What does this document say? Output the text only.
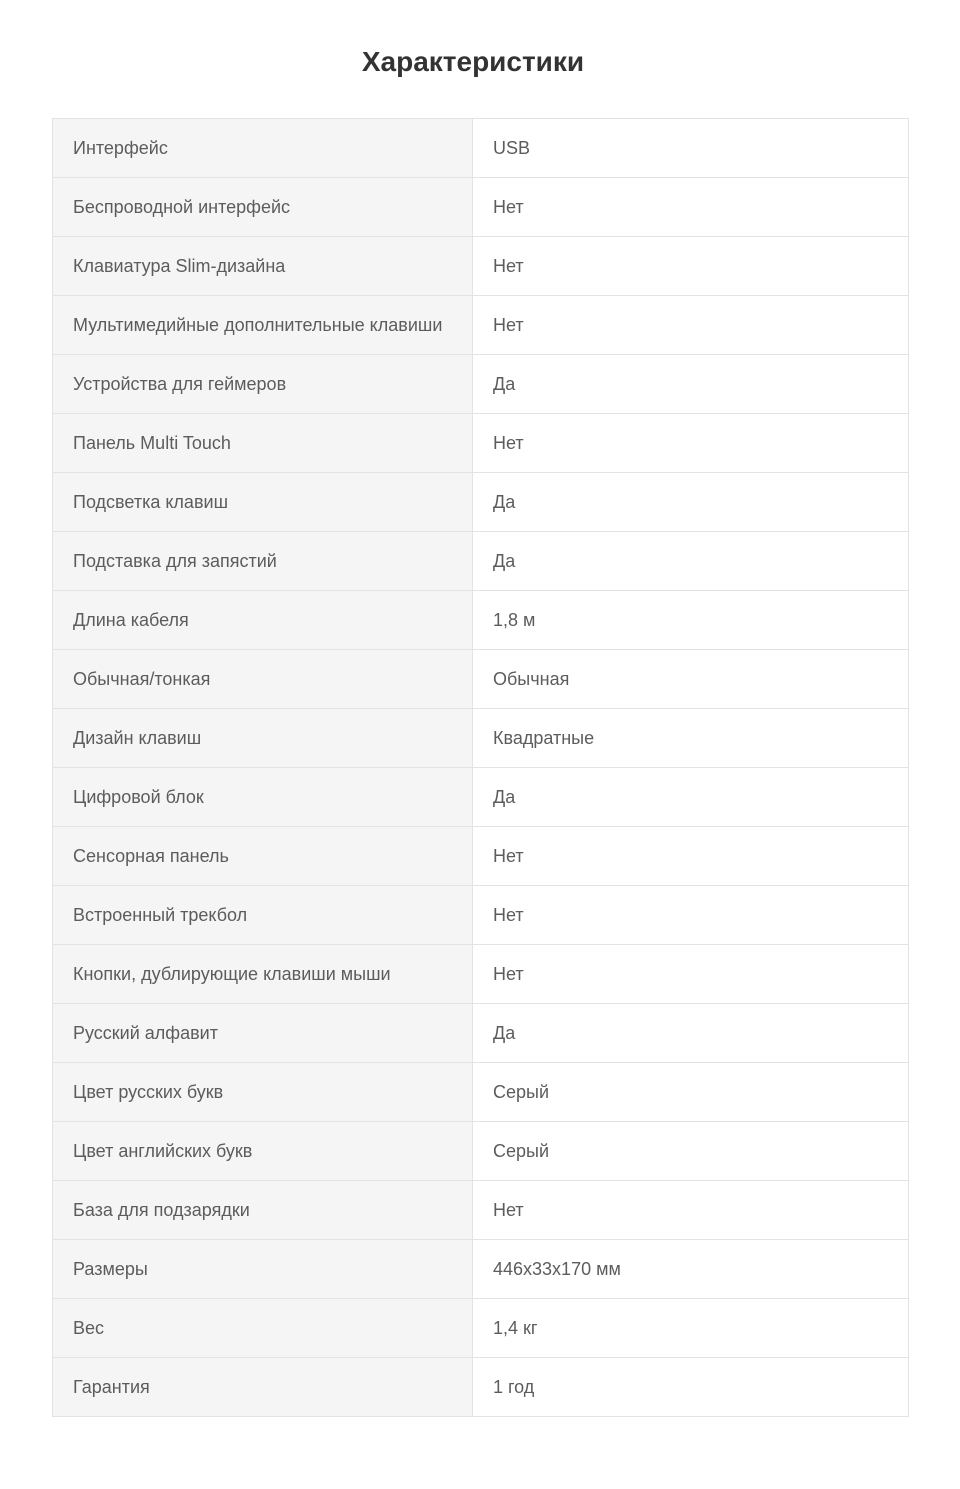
Характеристики
Интерфейс	USB
Беспроводной интерфейс	Нет
Клавиатура Slim-дизайна	Нет
Мультимедийные дополнительные клавиши	Нет
Устройства для геймеров	Да
Панель Multi Touch	Нет
Подсветка клавиш	Да
Подставка для запястий	Да
Длина кабеля	1,8 м
Обычная/тонкая	Обычная
Дизайн клавиш	Квадратные
Цифровой блок	Да
Сенсорная панель	Нет
Встроенный трекбол	Нет
Кнопки, дублирующие клавиши мыши	Нет
Русский алфавит	Да
Цвет русских букв	Серый
Цвет английских букв	Серый
База для подзарядки	Нет
Размеры	446x33x170 мм
Вес	1,4 кг
Гарантия	1 год
